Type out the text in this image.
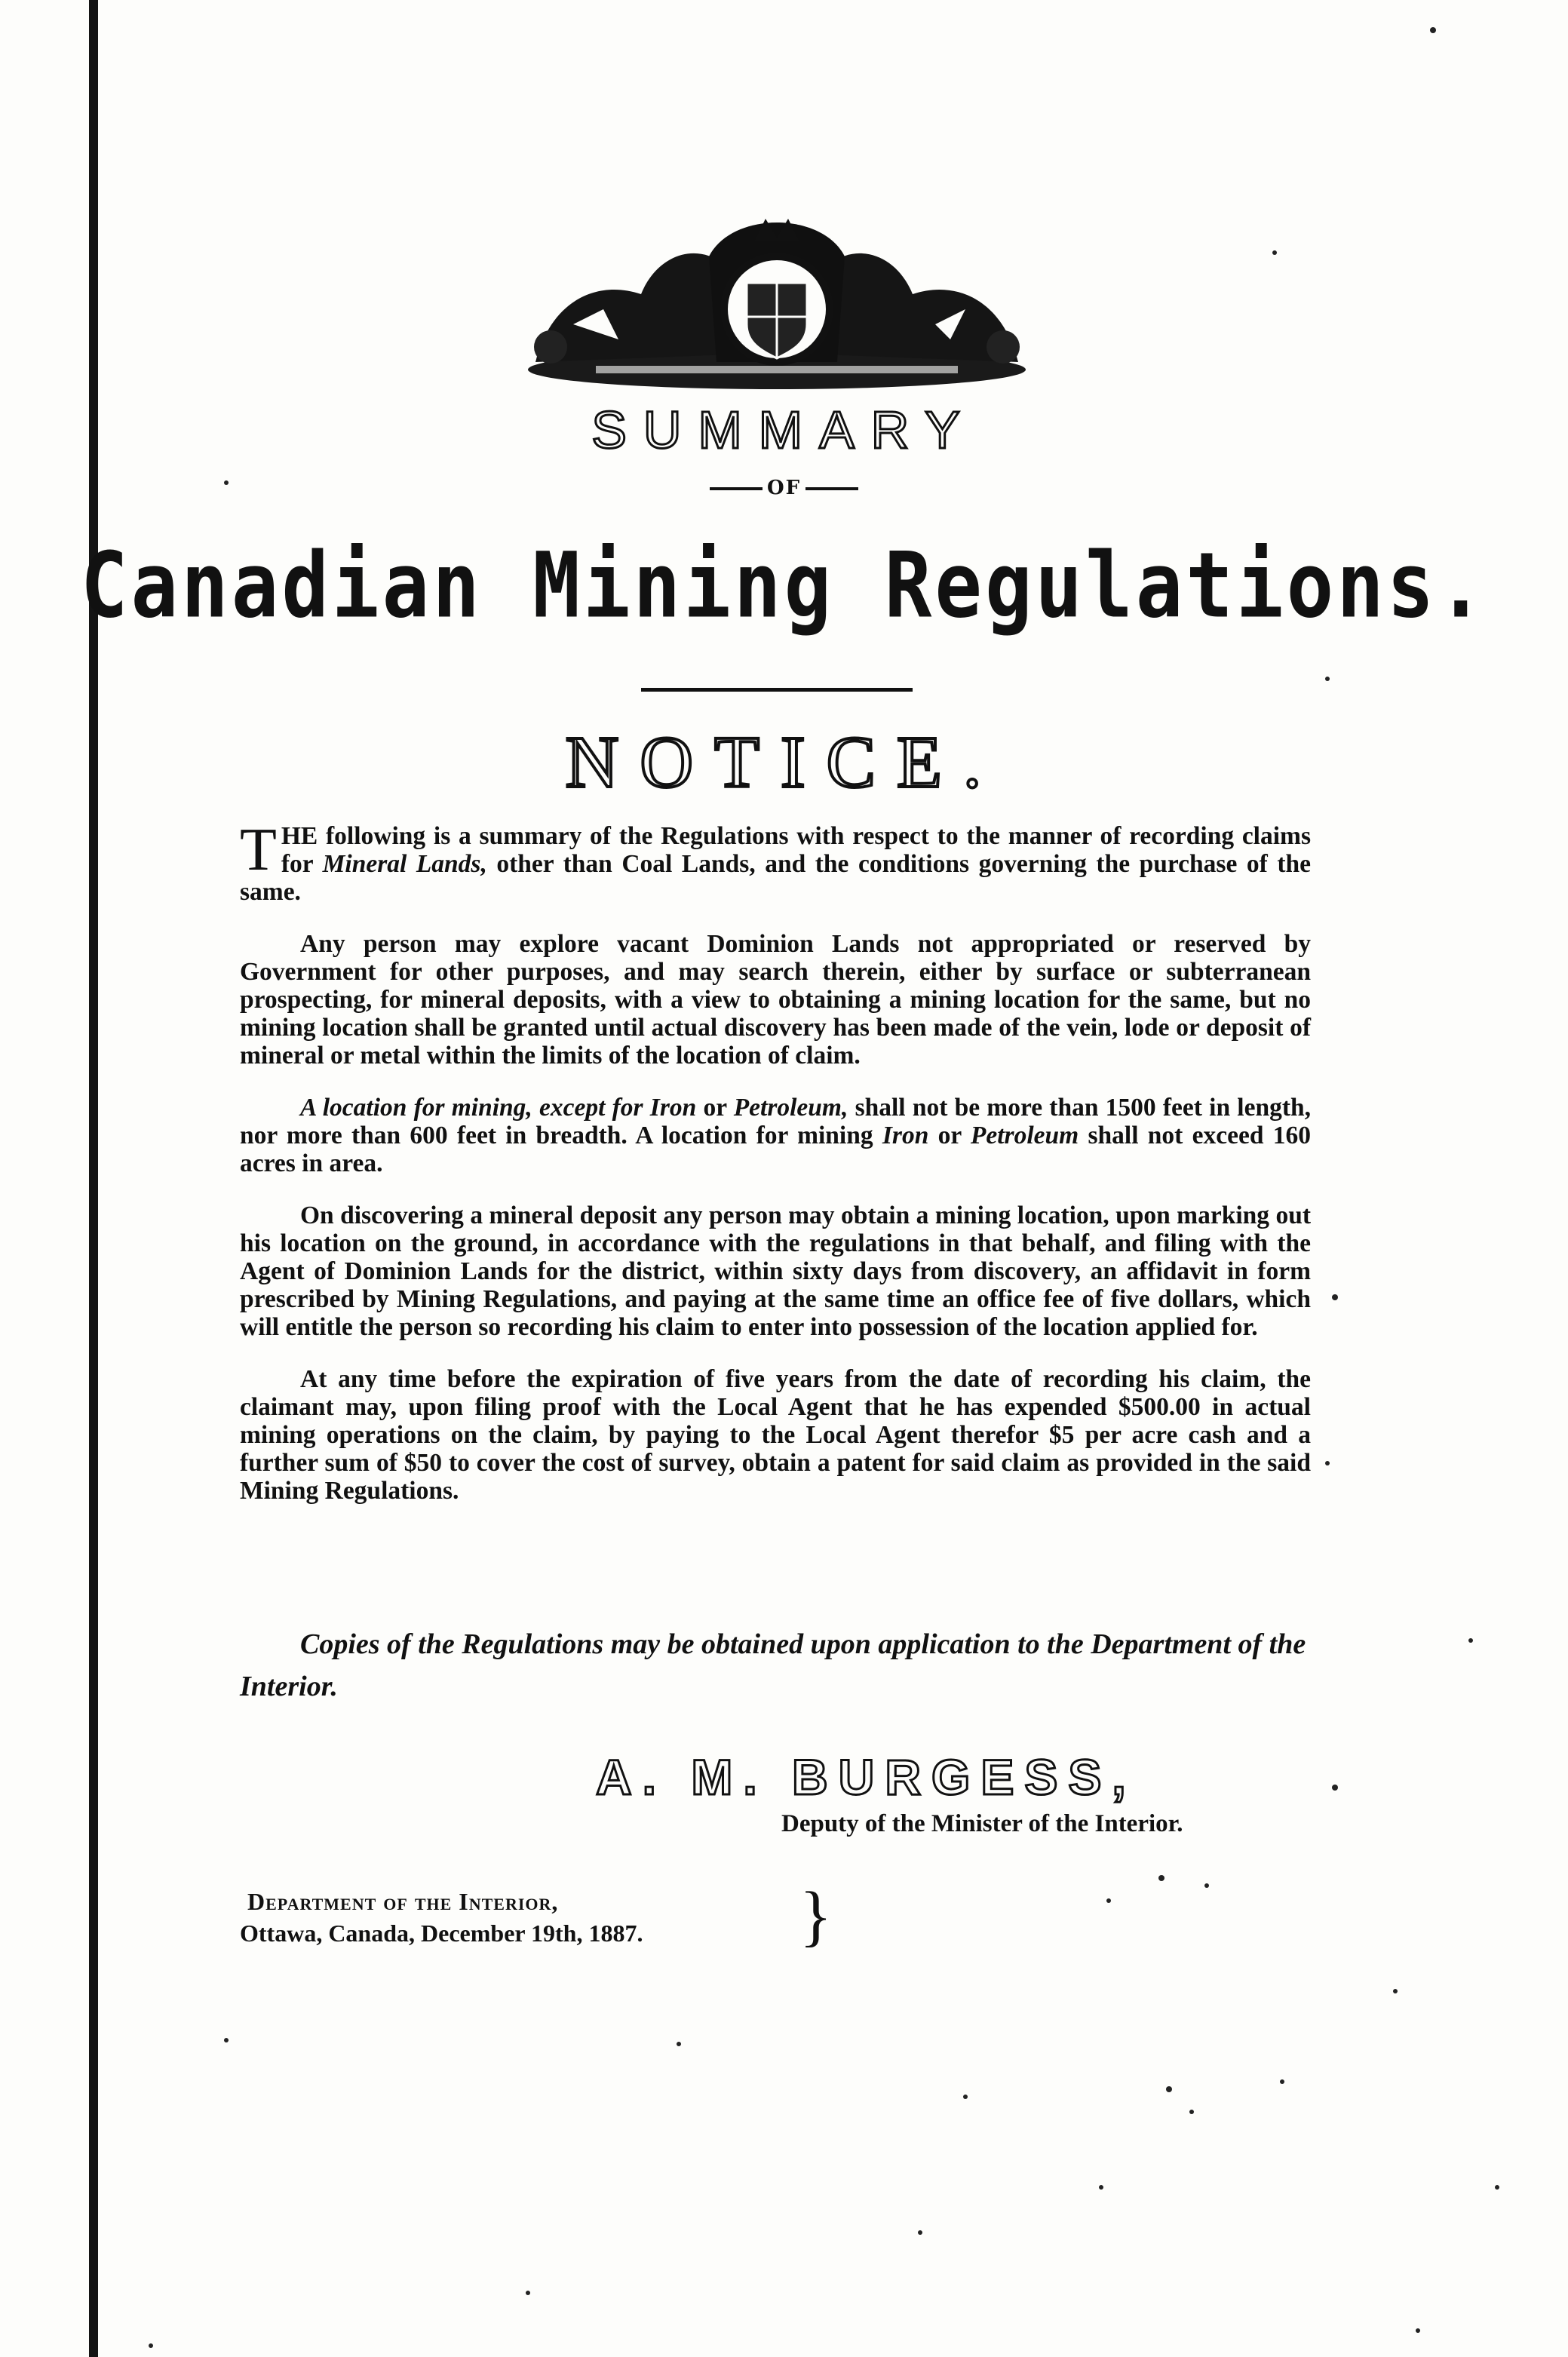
SUMMARY
OF
Canadian Mining Regulations.
NOTICE.

THE following is a summary of the Regulations with respect to the manner of recording claims for Mineral Lands, other than Coal Lands, and the conditions governing the purchase of the same.

Any person may explore vacant Dominion Lands not appropriated or reserved by Government for other purposes, and may search therein, either by surface or subterranean prospecting, for mineral deposits, with a view to obtaining a mining location for the same, but no mining location shall be granted until actual discovery has been made of the vein, lode or deposit of mineral or metal within the limits of the location of claim.

A location for mining, except for Iron or Petroleum, shall not be more than 1500 feet in length, nor more than 600 feet in breadth. A location for mining Iron or Petroleum shall not exceed 160 acres in area.

On discovering a mineral deposit any person may obtain a mining location, upon marking out his location on the ground, in accordance with the regulations in that behalf, and filing with the Agent of Dominion Lands for the district, within sixty days from discovery, an affidavit in form prescribed by Mining Regulations, and paying at the same time an office fee of five dollars, which will entitle the person so recording his claim to enter into possession of the location applied for.

At any time before the expiration of five years from the date of recording his claim, the claimant may, upon filing proof with the Local Agent that he has expended $500.00 in actual mining operations on the claim, by paying to the Local Agent therefor $5 per acre cash and a further sum of $50 to cover the cost of survey, obtain a patent for said claim as provided in the said Mining Regulations.

Copies of the Regulations may be obtained upon application to the Department of the Interior.
A. M. BURGESS,
Deputy of the Minister of the Interior.
Department of the Interior,
Ottawa, Canada, December 19th, 1887. }
